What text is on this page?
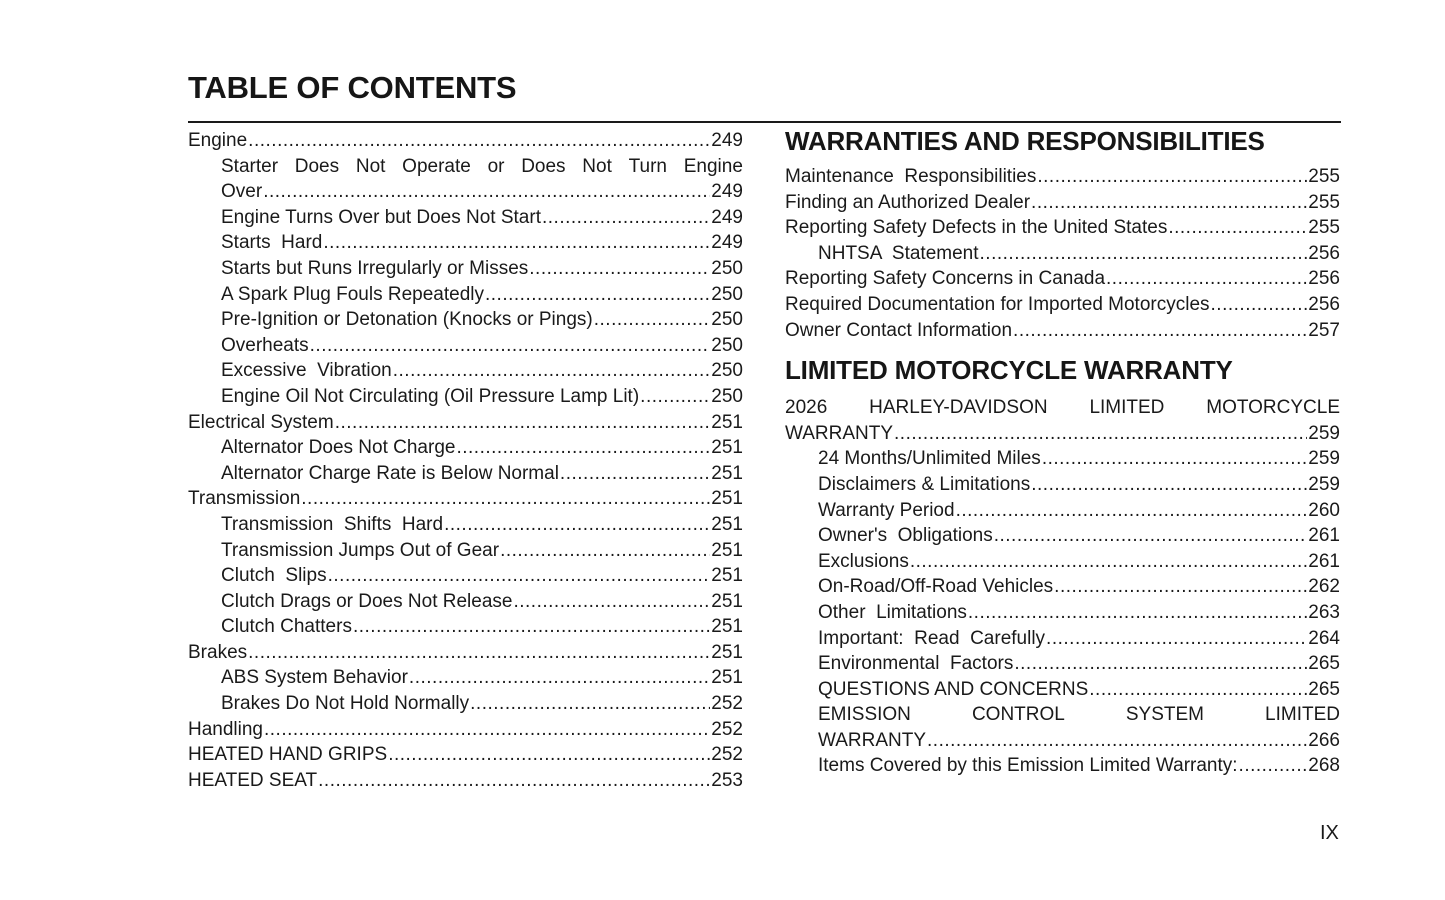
TABLE OF CONTENTS
Engine .....	249
Starter Does Not Operate or Does Not Turn Engine
Over .....	249
Engine Turns Over but Does Not Start .....	249
Starts  Hard .....	249
Starts but Runs Irregularly or Misses .....	250
A Spark Plug Fouls Repeatedly .....	250
Pre-Ignition or Detonation (Knocks or Pings) .....	250
Overheats .....	250
Excessive  Vibration .....	250
Engine Oil Not Circulating (Oil Pressure Lamp Lit) .....	250
Electrical System .....	251
Alternator Does Not Charge .....	251
Alternator Charge Rate is Below Normal .....	251
Transmission .....	251
Transmission  Shifts  Hard .....	251
Transmission Jumps Out of Gear .....	251
Clutch  Slips .....	251
Clutch Drags or Does Not Release .....	251
Clutch Chatters .....	251
Brakes .....	251
ABS System Behavior .....	251
Brakes Do Not Hold Normally .....	252
Handling .....	252
HEATED HAND GRIPS .....	252
HEATED SEAT .....	253
WARRANTIES AND RESPONSIBILITIES
Maintenance  Responsibilities .....	255
Finding an Authorized Dealer .....	255
Reporting Safety Defects in the United States .....	255
NHTSA  Statement .....	256
Reporting Safety Concerns in Canada .....	256
Required Documentation for Imported Motorcycles .....	256
Owner Contact Information .....	257
LIMITED MOTORCYCLE WARRANTY
2026 HARLEY-DAVIDSON LIMITED MOTORCYCLE
WARRANTY .....	259
24 Months/Unlimited Miles .....	259
Disclaimers & Limitations .....	259
Warranty Period .....	260
Owner's  Obligations .....	261
Exclusions .....	261
On-Road/Off-Road Vehicles .....	262
Other  Limitations .....	263
Important:  Read  Carefully .....	264
Environmental  Factors .....	265
QUESTIONS AND CONCERNS .....	265
EMISSION	CONTROL	SYSTEM	LIMITED
WARRANTY .....	266
Items Covered by this Emission Limited Warranty: .....	268
IX
